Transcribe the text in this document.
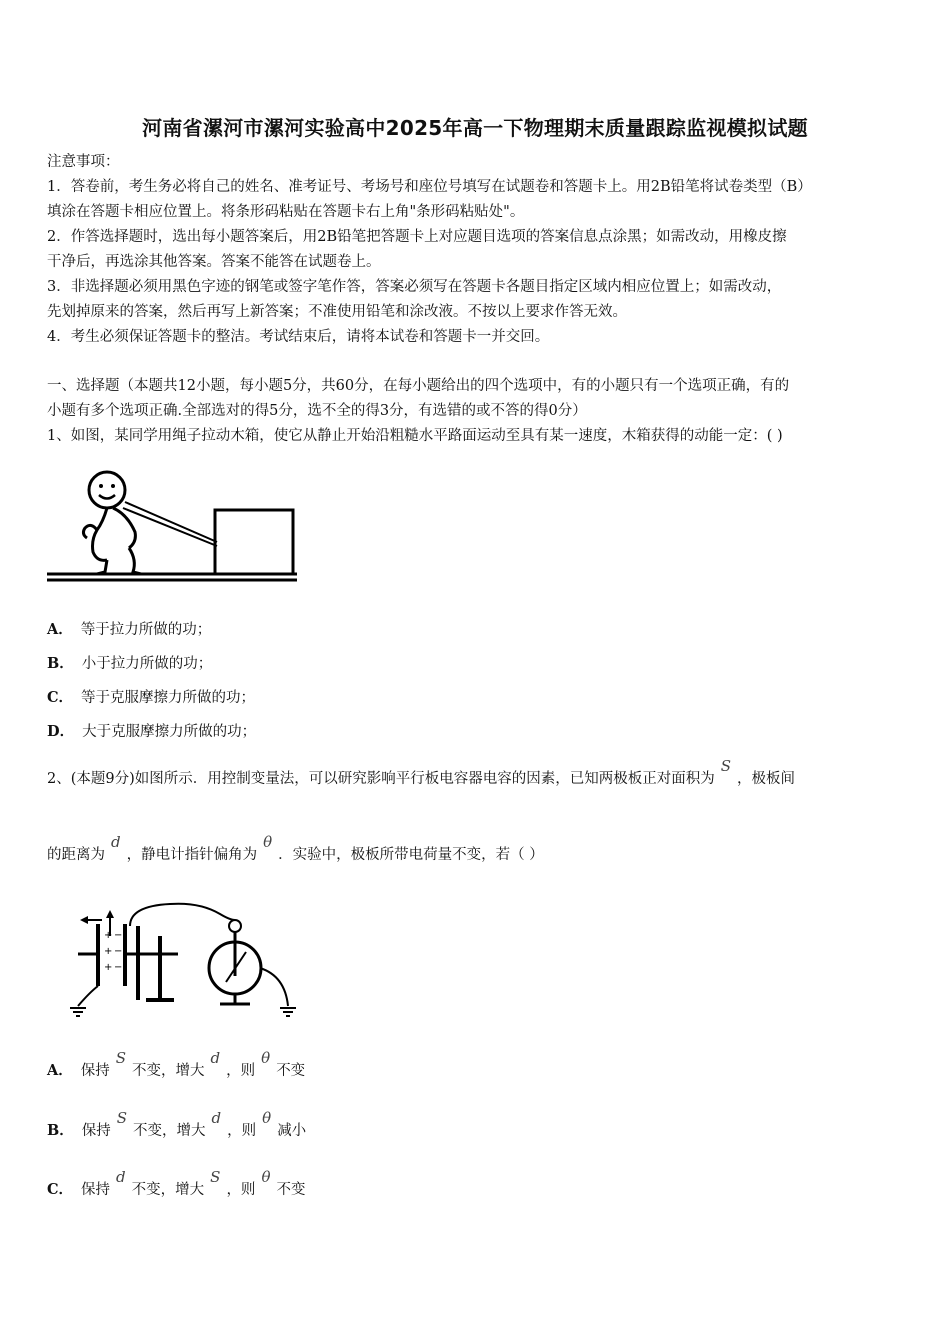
河南省漯河市漯河实验高中2025年高一下物理期末质量跟踪监视模拟试题
注意事项：
1．答卷前，考生务必将自己的姓名、准考证号、考场号和座位号填写在试题卷和答题卡上。用2B铅笔将试卷类型（B）
填涂在答题卡相应位置上。将条形码粘贴在答题卡右上角"条形码粘贴处"。
2．作答选择题时，选出每小题答案后，用2B铅笔把答题卡上对应题目选项的答案信息点涂黑；如需改动，用橡皮擦
干净后，再选涂其他答案。答案不能答在试题卷上。
3．非选择题必须用黑色字迹的钢笔或签字笔作答，答案必须写在答题卡各题目指定区域内相应位置上；如需改动，
先划掉原来的答案，然后再写上新答案；不准使用铅笔和涂改液。不按以上要求作答无效。
4．考生必须保证答题卡的整洁。考试结束后，请将本试卷和答题卡一并交回。
一、选择题（本题共12小题，每小题5分，共60分，在每小题给出的四个选项中，有的小题只有一个选项正确，有的
小题有多个选项正确.全部选对的得5分，选不全的得3分，有选错的或不答的得0分）
1、如图，某同学用绳子拉动木箱，使它从静止开始沿粗糙水平路面运动至具有某一速度，木箱获得的动能一定：( )
A． 等于拉力所做的功；
B． 小于拉力所做的功；
C． 等于克服摩擦力所做的功；
D． 大于克服摩擦力所做的功；
2、(本题9分)如图所示．用控制变量法，可以研究影响平行板电容器电容的因素，已知两极板正对面积为S，极板间
的距离为d，静电计指针偏角为θ．实验中，极板所带电荷量不变，若（ ）
+
+
+
−
−
−
A． 保持S不变，增大d，则θ不变
B． 保持S不变，增大d，则θ减小
C． 保持d不变，增大S，则θ不变
